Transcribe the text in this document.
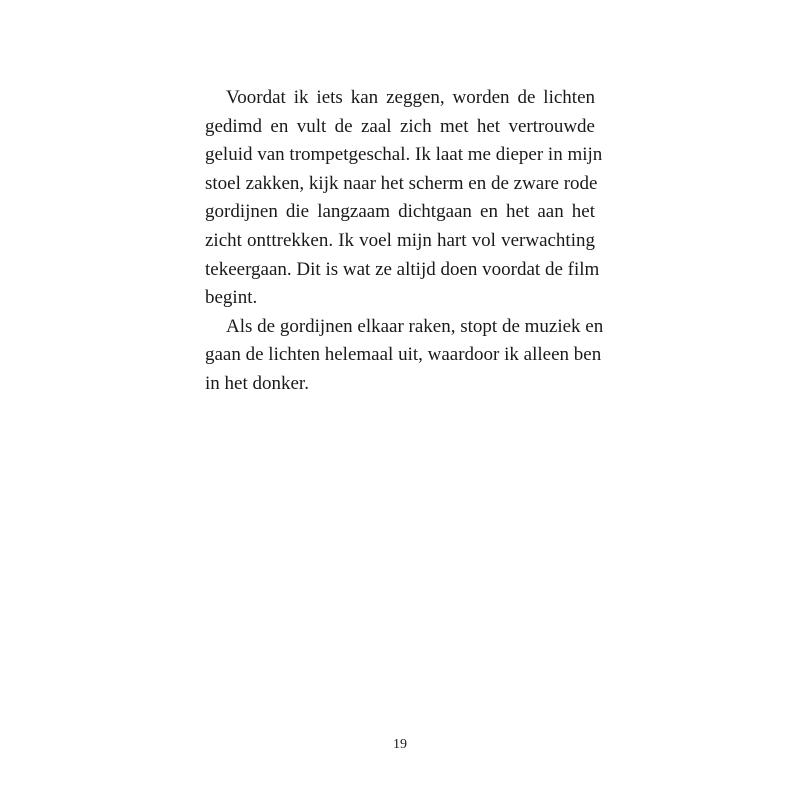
Voordat ik iets kan zeggen, worden de lichten
gedimd en vult de zaal zich met het vertrouwde
geluid van trompetgeschal. Ik laat me dieper in mijn
stoel zakken, kijk naar het scherm en de zware rode
gordijnen die langzaam dichtgaan en het aan het
zicht onttrekken. Ik voel mijn hart vol verwachting
tekeergaan. Dit is wat ze altijd doen voordat de film
begint.
Als de gordijnen elkaar raken, stopt de muziek en
gaan de lichten helemaal uit, waardoor ik alleen ben
in het donker.
19
